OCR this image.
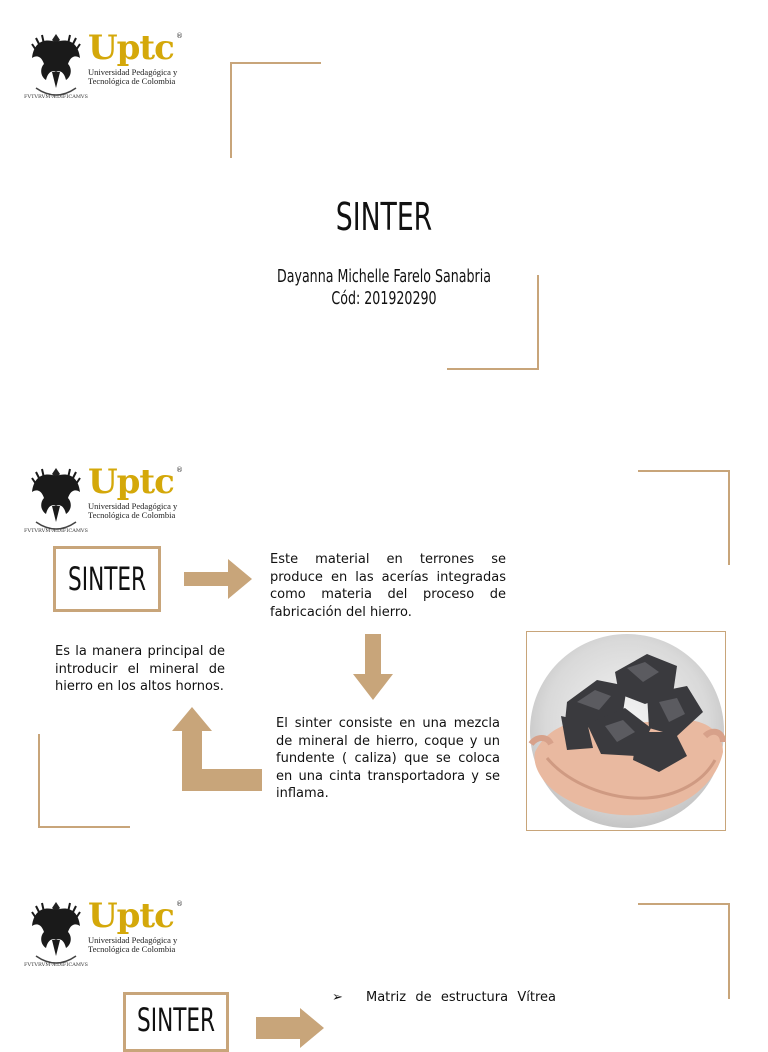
FVTVRVM·ÆDIFICAMVS
Uptc ®
Universidad Pedagógica y
Tecnológica de Colombia
SINTER
Dayanna Michelle Farelo Sanabria
Cód: 201920290
FVTVRVM·ÆDIFICAMVS
Uptc ®
Universidad Pedagógica y
Tecnológica de Colombia
SINTER
Este material en terrones se produce en las acerías integradas como materia del proceso de fabricación del hierro.
El sinter consiste en una mezcla de mineral de hierro, coque y un fundente ( caliza) que se coloca en una cinta transportadora y se inflama.
Es la manera principal de introducir el mineral de hierro en los altos hornos.
FVTVRVM·ÆDIFICAMVS
Uptc ®
Universidad Pedagógica y
Tecnológica de Colombia
SINTER
➢	Matriz de estructura Vítrea
